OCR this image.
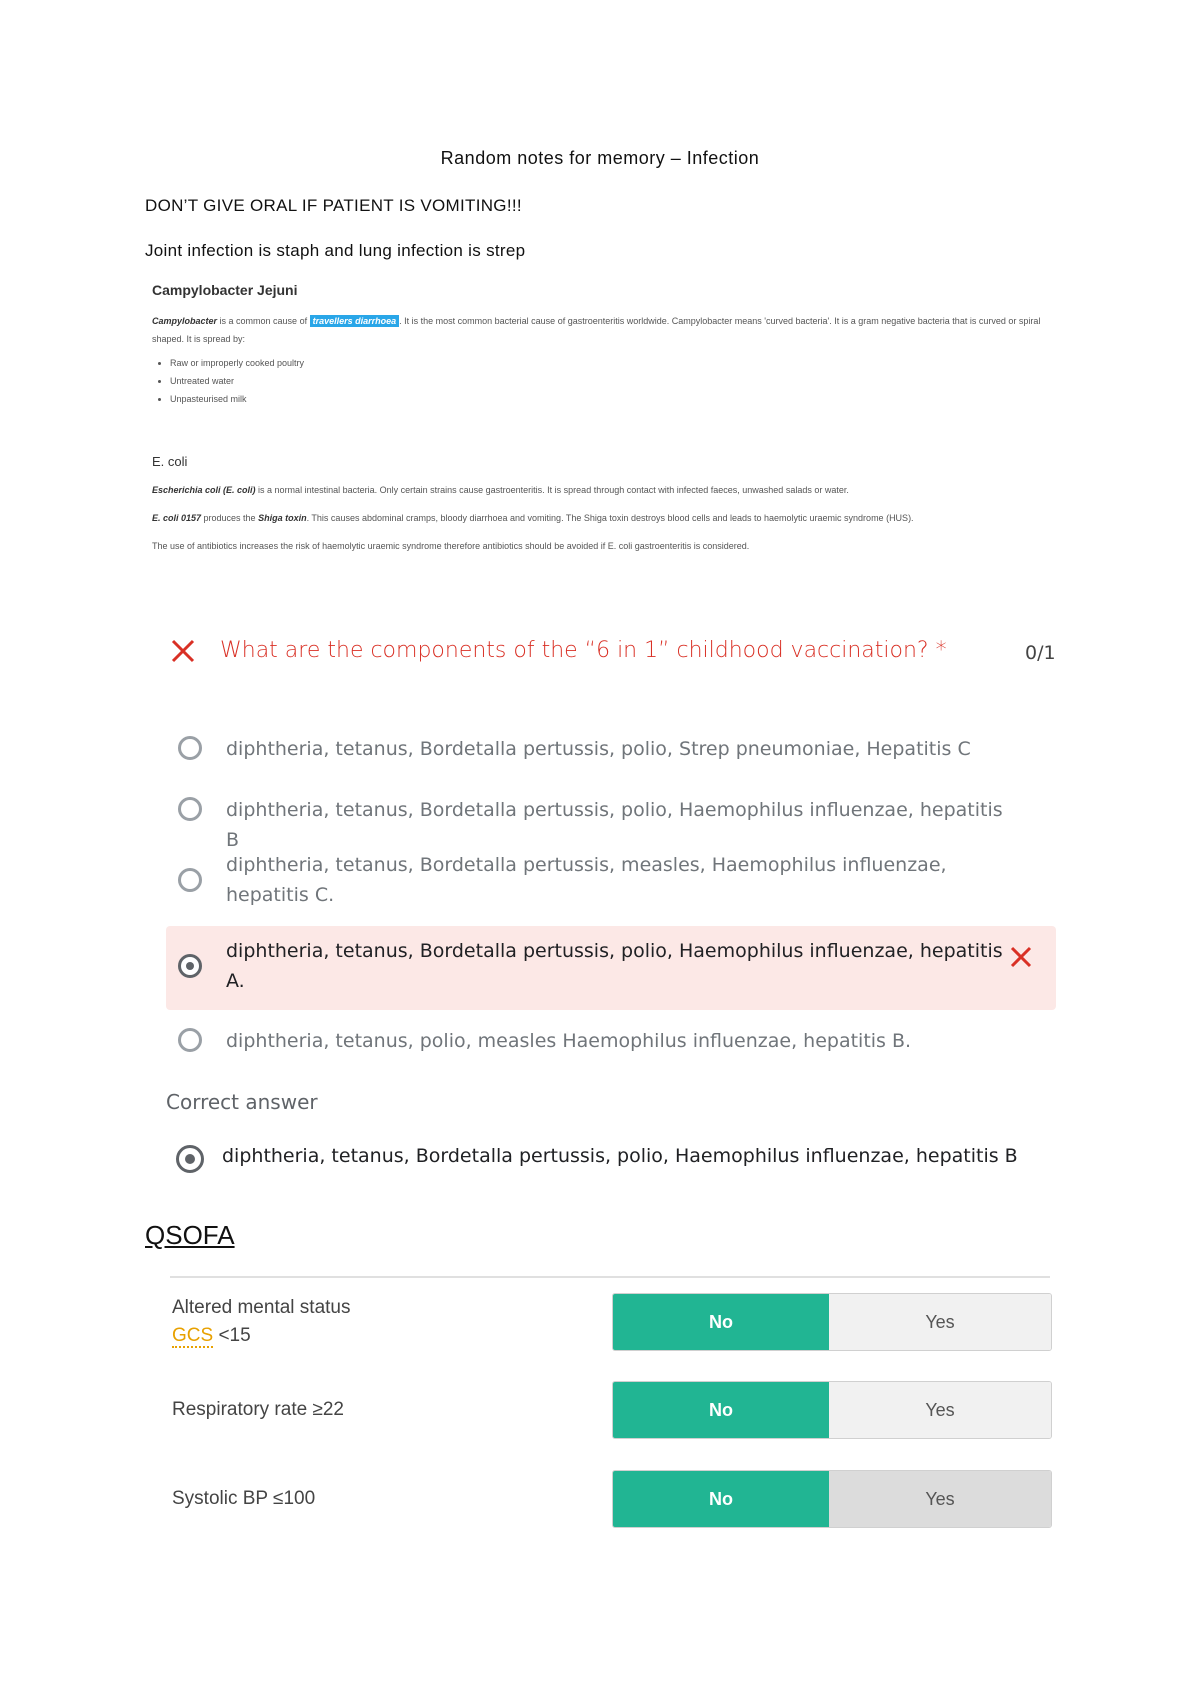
Random notes for memory – Infection
DON’T GIVE ORAL IF PATIENT IS VOMITING!!!
Joint infection is staph and lung infection is strep
Campylobacter Jejuni
Campylobacter is a common cause of travellers diarrhoea . It is the most common bacterial cause of gastroenteritis worldwide. Campylobacter means 'curved bacteria'. It is a gram negative bacteria that is curved or spiral shaped. It is spread by:
• Raw or improperly cooked poultry
• Untreated water
• Unpasteurised milk
E. coli
Escherichia coli (E. coli) is a normal intestinal bacteria. Only certain strains cause gastroenteritis. It is spread through contact with infected faeces, unwashed salads or water.
E. coli 0157 produces the Shiga toxin. This causes abdominal cramps, bloody diarrhoea and vomiting. The Shiga toxin destroys blood cells and leads to haemolytic uraemic syndrome (HUS).
The use of antibiotics increases the risk of haemolytic uraemic syndrome therefore antibiotics should be avoided if E. coli gastroenteritis is considered.
What are the components of the “6 in 1” childhood vaccination? *	0/1
diphtheria, tetanus, Bordetalla pertussis, polio, Strep pneumoniae, Hepatitis C
diphtheria, tetanus, Bordetalla pertussis, polio, Haemophilus influenzae, hepatitis B
diphtheria, tetanus, Bordetalla pertussis, measles, Haemophilus influenzae, hepatitis C.
diphtheria, tetanus, Bordetalla pertussis, polio, Haemophilus influenzae, hepatitis A.
diphtheria, tetanus, polio, measles Haemophilus influenzae, hepatitis B.
Correct answer
diphtheria, tetanus, Bordetalla pertussis, polio, Haemophilus influenzae, hepatitis B
QSOFA
Altered mental status
GCS <15
No	Yes
Respiratory rate ≥22	No	Yes
Systolic BP ≤100	No	Yes
